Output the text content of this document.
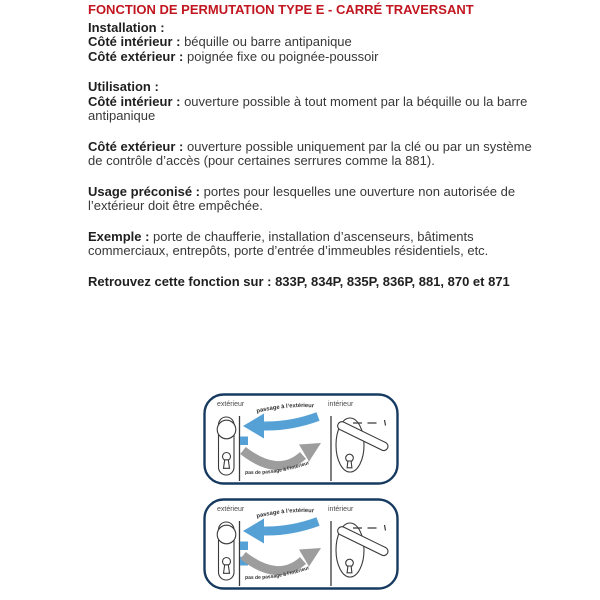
FONCTION DE PERMUTATION TYPE E - CARRÉ TRAVERSANT

Installation :
Côté intérieur : béquille ou barre antipanique
Côté extérieur : poignée fixe ou poignée-poussoir

Utilisation :
Côté intérieur : ouverture possible à tout moment par la béquille ou la barre antipanique

Côté extérieur : ouverture possible uniquement par la clé ou par un système de contrôle d’accès (pour certaines serrures comme la 881).

Usage préconisé : portes pour lesquelles une ouverture non autorisée de l’extérieur doit être empêchée.

Exemple : porte de chaufferie, installation d’ascenseurs, bâtiments commerciaux, entrepôts, porte d’entrée d’immeubles résidentiels, etc.

Retrouvez cette fonction sur : 833P, 834P, 835P, 836P, 881, 870 et 871

extérieur	intérieur
passage à l’extérieur
pas de passage à l’intérieur
extérieur	intérieur
passage à l’extérieur
pas de passage à l’intérieur
